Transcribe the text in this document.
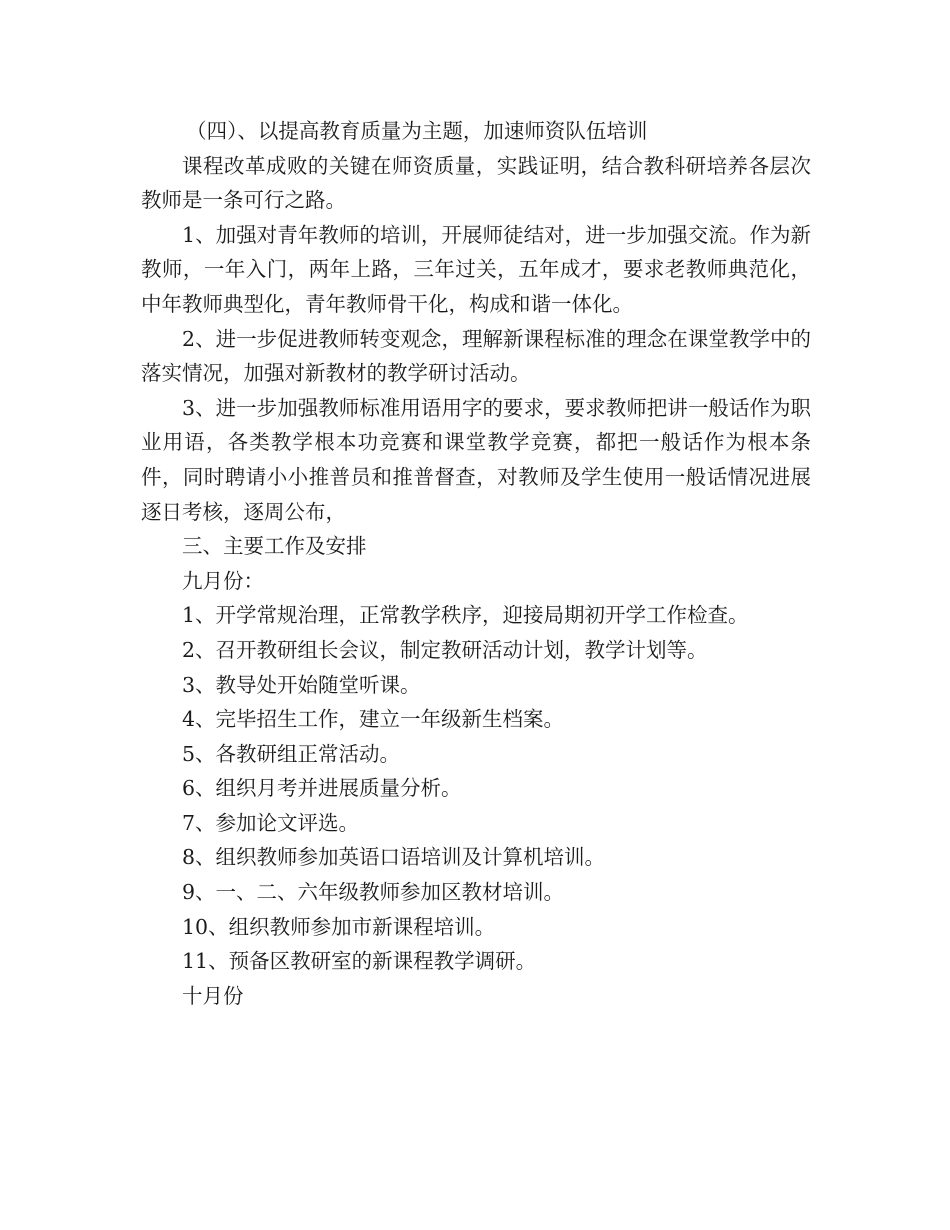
（四）、以提高教育质量为主题，加速师资队伍培训

课程改革成败的关键在师资质量，实践证明，结合教科研培养各层次教师是一条可行之路。

1、加强对青年教师的培训，开展师徒结对，进一步加强交流。作为新教师，一年入门，两年上路，三年过关，五年成才，要求老教师典范化，中年教师典型化，青年教师骨干化，构成和谐一体化。

2、进一步促进教师转变观念，理解新课程标准的理念在课堂教学中的落实情况，加强对新教材的教学研讨活动。

3、进一步加强教师标准用语用字的要求，要求教师把讲一般话作为职业用语，各类教学根本功竞赛和课堂教学竞赛，都把一般话作为根本条件，同时聘请小小推普员和推普督查，对教师及学生使用一般话情况进展逐日考核，逐周公布，

三、主要工作及安排

九月份：

1、开学常规治理，正常教学秩序，迎接局期初开学工作检查。

2、召开教研组长会议，制定教研活动计划，教学计划等。

3、教导处开始随堂听课。

4、完毕招生工作，建立一年级新生档案。

5、各教研组正常活动。

6、组织月考并进展质量分析。

7、参加论文评选。

8、组织教师参加英语口语培训及计算机培训。

9、一、二、六年级教师参加区教材培训。

10、组织教师参加市新课程培训。

11、预备区教研室的新课程教学调研。

十月份
